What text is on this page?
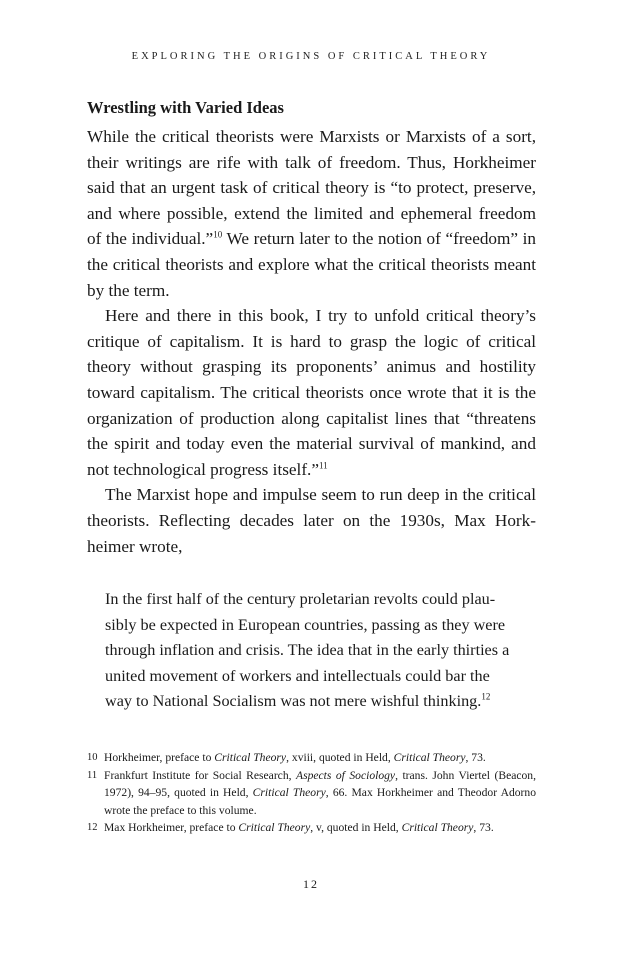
EXPLORING THE ORIGINS OF CRITICAL THEORY
Wrestling with Varied Ideas

While the critical theorists were Marxists or Marxists of a sort, their writings are rife with talk of freedom. Thus, Horkheimer said that an urgent task of critical theory is “to protect, preserve, and where possible, extend the limited and ephemeral freedom of the individual.”$^{10}$ We return later to the notion of “freedom” in the critical theorists and explore what the critical theorists meant by the term.

Here and there in this book, I try to unfold critical theory’s critique of capitalism. It is hard to grasp the logic of critical theory without grasping its proponents’ animus and hostility toward capitalism. The critical theorists once wrote that it is the organization of production along capitalist lines that “threatens the spirit and today even the material survival of mankind, and not technological progress itself.”$^{11}$

The Marxist hope and impulse seem to run deep in the critical theorists. Reflecting decades later on the 1930s, Max Horkheimer wrote,

In the first half of the century proletarian revolts could plausibly be expected in European countries, passing as they were through inflation and crisis. The idea that in the early thirties a united movement of workers and intellectuals could bar the way to National Socialism was not mere wishful thinking.$^{12}$
10 Horkheimer, preface to Critical Theory, xviii, quoted in Held, Critical Theory, 73.
11 Frankfurt Institute for Social Research, Aspects of Sociology, trans. John Viertel (Beacon, 1972), 94–95, quoted in Held, Critical Theory, 66. Max Horkheimer and Theodor Adorno wrote the preface to this volume.
12 Max Horkheimer, preface to Critical Theory, v, quoted in Held, Critical Theory, 73.
12
